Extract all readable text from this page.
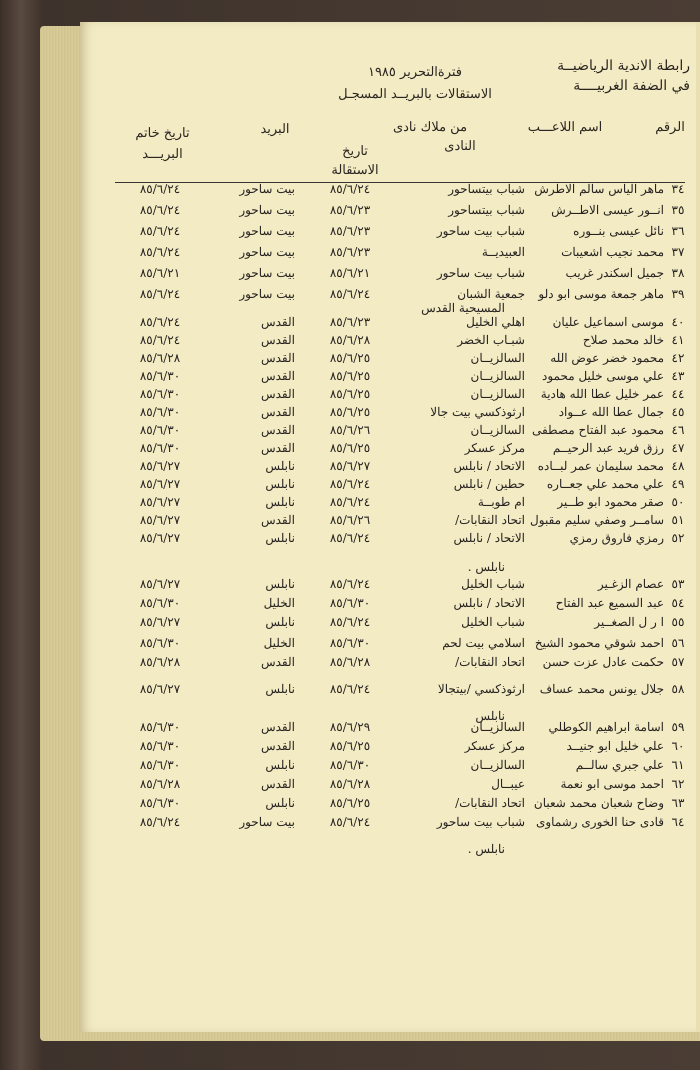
فترةالتحرير ١٩٨٥
الاستقالات بالبريــد المسجـل
رابطة الاندية الرياضيــة
في الضفة الغربيــــة
الرقم
اسم اللاعـــب
من ملاك نادى
النادى
تاريخ
الاستقالة
البريد
تاريخ خاتم
البريـــد
٣٤
ماهر الياس سالم الاطرش
شباب بيتساحور
٨٥/٦/٢٤
بيت ساحور
٨٥/٦/٢٤
٣٥
انــور عيسى الاطــرش
شباب بيتساحور
٨٥/٦/٢٣
بيت ساحور
٨٥/٦/٢٤
٣٦
نائل عيسى بنــوره
شباب بيت ساحور
٨٥/٦/٢٣
بيت ساحور
٨٥/٦/٢٤
٣٧
محمد نجيب اشعيبات
العبيديــة
٨٥/٦/٢٣
بيت ساحور
٨٥/٦/٢٤
٣٨
جميل اسكندر غريب
شباب بيت ساحور
٨٥/٦/٢١
بيت ساحور
٨٥/٦/٢١
٣٩
ماهر جمعة موسى ابو دلو
جمعية الشبان
٨٥/٦/٢٤
بيت ساحور
٨٥/٦/٢٤
٤٠
موسى اسماعيل عليان
اهلي الخليل
٨٥/٦/٢٣
القدس
٨٥/٦/٢٤
٤١
خالد محمد صلاح
شبـاب الخضر
٨٥/٦/٢٨
القدس
٨٥/٦/٢٤
٤٢
محمود خضر عوض الله
السالزيــان
٨٥/٦/٢٥
القدس
٨٥/٦/٢٨
٤٣
علي موسى خليل محمود
السالزيــان
٨٥/٦/٢٥
القدس
٨٥/٦/٣٠
٤٤
عمر خليل عطا الله هادية
السالزيــان
٨٥/٦/٢٥
القدس
٨٥/٦/٣٠
٤٥
جمال عطا الله عــواد
ارثوذكسي بيت جالا
٨٥/٦/٢٥
القدس
٨٥/٦/٣٠
٤٦
محمود عبد الفتاح مصطفى
السالزيــان
٨٥/٦/٢٦
القدس
٨٥/٦/٣٠
٤٧
رزق فريد عبد الرحيــم
مركز عسكر
٨٥/٦/٢٥
القدس
٨٥/٦/٣٠
٤٨
محمد سليمان عمر لبــاده
الاتحاد / نابلس
٨٥/٦/٢٧
نابلس
٨٥/٦/٢٧
٤٩
علي محمد علي جعــاره
حطين / نابلس
٨٥/٦/٢٤
نابلس
٨٥/٦/٢٧
٥٠
صقر محمود ابو طــير
ام طوبــة
٨٥/٦/٢٤
نابلس
٨٥/٦/٢٧
٥١
سامــر وصفي سليم مقبول
اتحاد النقابات/
٨٥/٦/٢٦
القدس
٨٥/٦/٢٧
٥٢
رمزي فاروق رمزي
الاتحاد / نابلس
٨٥/٦/٢٤
نابلس
٨٥/٦/٢٧
٥٣
عصام الزغـير
شباب الخليل
٨٥/٦/٢٤
نابلس
٨٥/٦/٢٧
٥٤
عبد السميع عبد الفتاح
الاتحاد / نابلس
٨٥/٦/٣٠
الخليل
٨٥/٦/٣٠
٥٥
ا ر ل الصغــير
شباب الخليل
٨٥/٦/٢٤
نابلس
٨٥/٦/٢٧
٥٦
احمد شوقي محمود الشيخ
اسلامي بيت لحم
٨٥/٦/٣٠
الخليل
٨٥/٦/٣٠
٥٧
حكمت عادل عزت حسن
اتحاد النقابات/
٨٥/٦/٢٨
القدس
٨٥/٦/٢٨
٥٨
جلال يونس محمد عساف
ارثوذكسي /بيتجالا
٨٥/٦/٢٤
نابلس
٨٥/٦/٢٧
٥٩
اسامة ابراهيم الكوطلي
السالزيــان
٨٥/٦/٢٩
القدس
٨٥/٦/٣٠
٦٠
علي خليل ابو جنيــد
مركز عسكر
٨٥/٦/٢٥
القدس
٨٥/٦/٣٠
٦١
علي جبري سالــم
السالزيــان
٨٥/٦/٣٠
نابلس
٨٥/٦/٣٠
٦٢
احمد موسى ابو نعمة
عيبــال
٨٥/٦/٢٨
القدس
٨٥/٦/٢٨
٦٣
وضاح شعبان محمد شعبان
اتحاد النقابات/
٨٥/٦/٢٥
نابلس
٨٥/٦/٣٠
٦٤
قادى حنا الخورى رشماوى
شباب بيت ساحور
٨٥/٦/٢٤
بيت ساحور
٨٥/٦/٢٤
المسيحية القدس
نابلس .
نابلس
نابلس .
